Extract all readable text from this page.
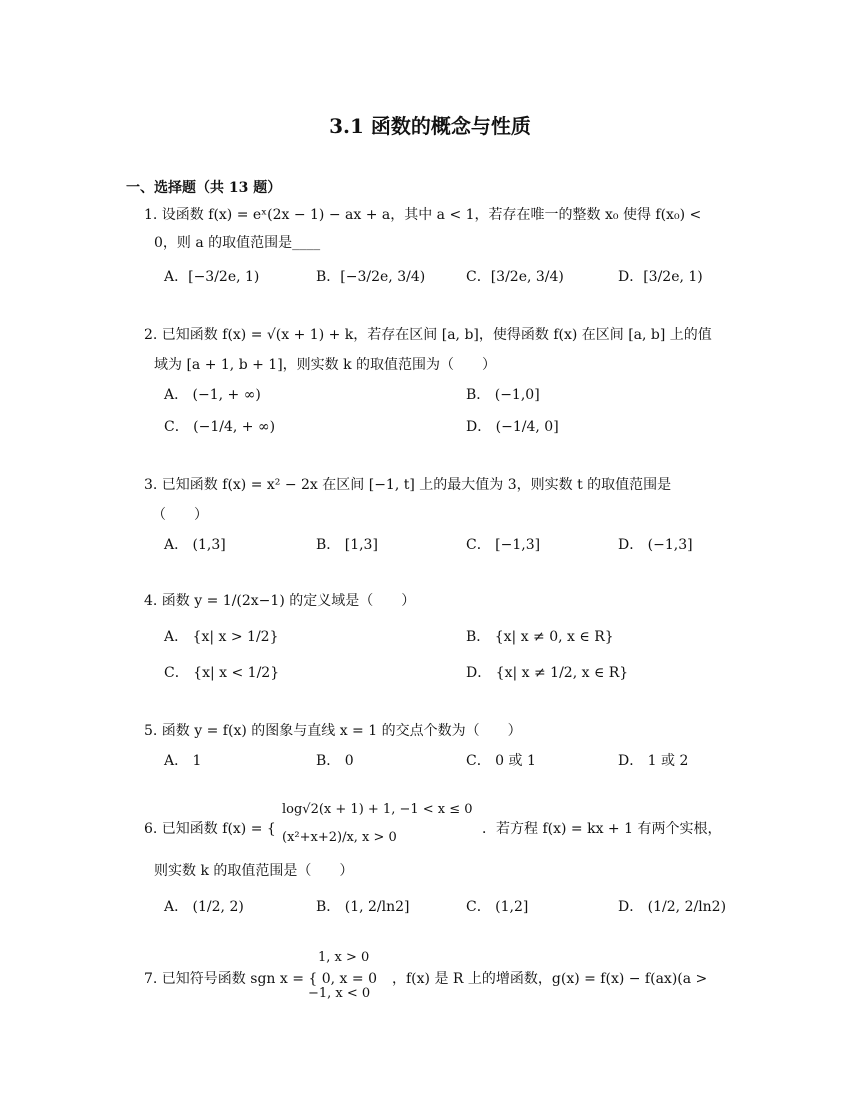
3.1 函数的概念与性质
一、选择题（共 13 题）
1. 设函数 f(x) = eˣ(2x − 1) − ax + a，其中 a < 1，若存在唯一的整数 x₀ 使得 f(x₀) <
0，则 a 的取值范围是____
A．[−3/2e, 1)	B．[−3/2e, 3/4)	C．[3/2e, 3/4)	D．[3/2e, 1)
2. 已知函数 f(x) = √(x + 1) + k，若存在区间 [a, b]，使得函数 f(x) 在区间 [a, b] 上的值
域为 [a + 1, b + 1]，则实数 k 的取值范围为（　　）
A． (−1, + ∞)	B． (−1,0]
C． (−1/4, + ∞)	D． (−1/4, 0]
3. 已知函数 f(x) = x² − 2x 在区间 [−1, t] 上的最大值为 3，则实数 t 的取值范围是
（　　）
A． (1,3]	B． [1,3]	C． [−1,3]	D． (−1,3]
4. 函数 y = 1/(2x−1) 的定义域是（　　）
A． {x| x > 1/2}	B． {x| x ≠ 0, x ∈ R}
C． {x| x < 1/2}	D． {x| x ≠ 1/2, x ∈ R}
5. 函数 y = f(x) 的图象与直线 x = 1 的交点个数为（　　）
A． 1	B． 0	C． 0 或 1	D． 1 或 2
log√2(x + 1) + 1, −1 < x ≤ 0
6. 已知函数 f(x) = {
(x²+x+2)/x, x > 0
．若方程 f(x) = kx + 1 有两个实根，
则实数 k 的取值范围是（　　）
A． (1/2, 2)	B． (1, 2/ln2]	C． (1,2]	D． (1/2, 2/ln2)
1, x > 0
7. 已知符号函数 sgn x = { 0, x = 0
−1, x < 0
，f(x) 是 R 上的增函数，g(x) = f(x) − f(ax)(a >
